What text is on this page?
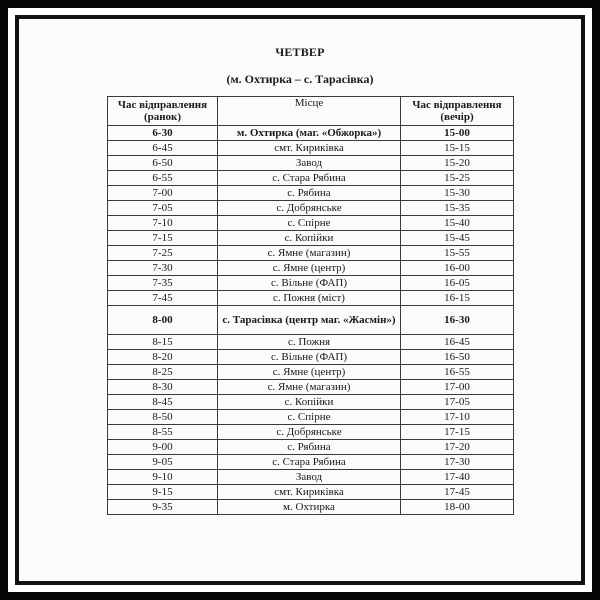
ЧЕТВЕР
(м. Охтирка – с. Тарасівка)
Час відправлення (ранок)	Місце	Час відправлення (вечір)
6-30	м. Охтирка (маг. «Обжорка»)	15-00
6-45	смт. Кириківка	15-15
6-50	Завод	15-20
6-55	с. Стара Рябина	15-25
7-00	с. Рябина	15-30
7-05	с. Добрянське	15-35
7-10	с. Спірне	15-40
7-15	с. Копійки	15-45
7-25	с. Ямне (магазин)	15-55
7-30	с. Ямне (центр)	16-00
7-35	с. Вільне (ФАП)	16-05
7-45	с. Пожня (міст)	16-15
8-00	с. Тарасівка (центр маг. «Жасмін»)	16-30
8-15	с. Пожня	16-45
8-20	с. Вільне (ФАП)	16-50
8-25	с. Ямне (центр)	16-55
8-30	с. Ямне (магазин)	17-00
8-45	с. Копійки	17-05
8-50	с. Спірне	17-10
8-55	с. Добрянське	17-15
9-00	с. Рябина	17-20
9-05	с. Стара Рябина	17-30
9-10	Завод	17-40
9-15	смт. Кириківка	17-45
9-35	м. Охтирка	18-00
